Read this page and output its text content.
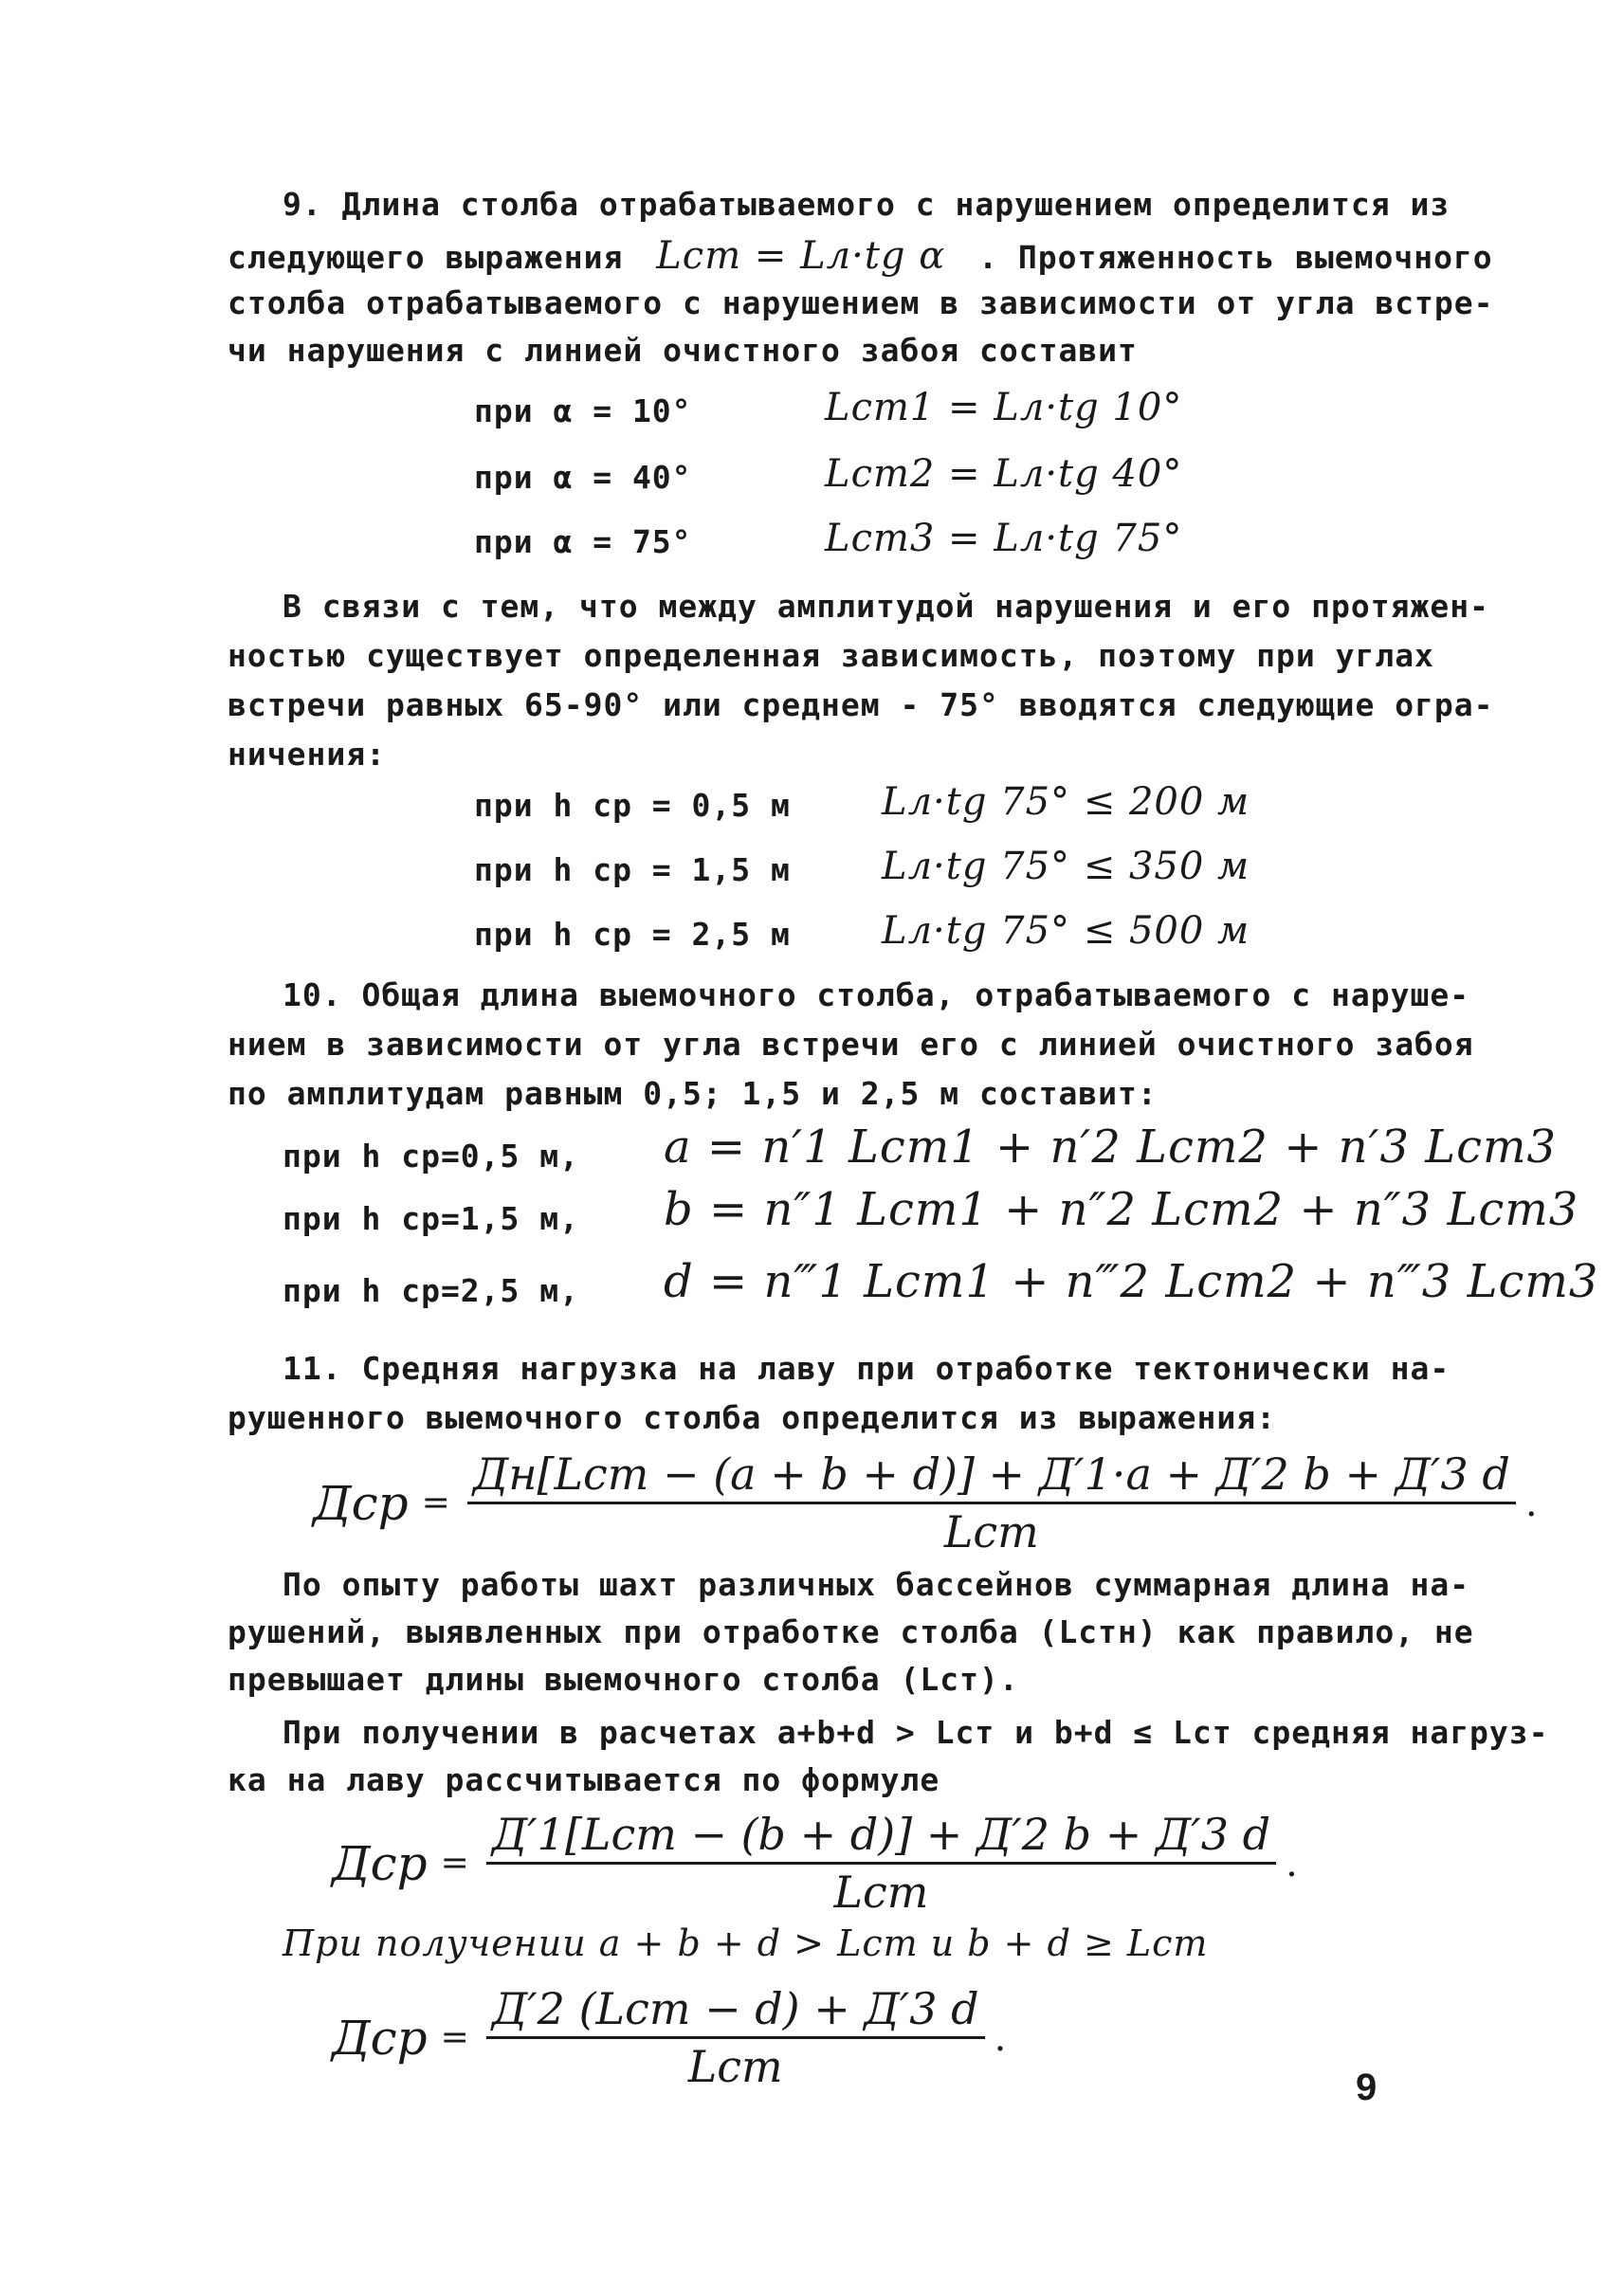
9. Длина столба отрабатываемого с нарушением определится из
следующего выражения Lст = Lл·tg α . Протяженность выемочного
столба отрабатываемого с нарушением в зависимости от угла встре-
чи нарушения с линией очистного забоя составит
при α = 10°	Lст1 = Lл·tg 10°
при α = 40°	Lст2 = Lл·tg 40°
при α = 75°	Lст3 = Lл·tg 75°
В связи с тем, что между амплитудой нарушения и его протяжен-
ностью существует определенная зависимость, поэтому при углах
встречи равных 65-90° или среднем - 75° вводятся следующие огра-
ничения:
при h ср = 0,5 м Lл·tg 75° ≤ 200 м
при h ср = 1,5 м Lл·tg 75° ≤ 350 м
при h ср = 2,5 м Lл·tg 75° ≤ 500 м
10. Общая длина выемочного столба, отрабатываемого с наруше-
нием в зависимости от угла встречи его с линией очистного забоя
по амплитудам равным 0,5; 1,5 и 2,5 м составит:
при h ср=0,5 м, a = n′1 Lст1 + n′2 Lст2 + n′3 Lст3
при h ср=1,5 м, b = n″1 Lст1 + n″2 Lст2 + n″3 Lст3
при h ср=2,5 м, d = n‴1 Lст1 + n‴2 Lст2 + n‴3 Lст3
11. Средняя нагрузка на лаву при отработке тектонически на-
рушенного выемочного столба определится из выражения:
Дср = $\frac{\text{Дн[Lст − (a + b + d)] + Д′1·a + Д′2 b + Д′3 d}}{\text{Lст}}$ .
По опыту работы шахт различных бассейнов суммарная длина на-
рушений, выявленных при отработке столба (Lстн) как правило, не
превышает длины выемочного столба (Lст).
При получении в расчетах a+b+d > Lст и b+d ≤ Lст средняя нагруз-
ка на лаву рассчитывается по формуле
Дср = $\frac{\text{Д′1[Lст − (b + d)] + Д′2 b + Д′3 d}}{\text{Lст}}$ .
При получении a + b + d > Lст и b + d ≥ Lст
Дср = $\frac{\text{Д′2 (Lст − d) + Д′3 d}}{\text{Lст}}$ .
9
